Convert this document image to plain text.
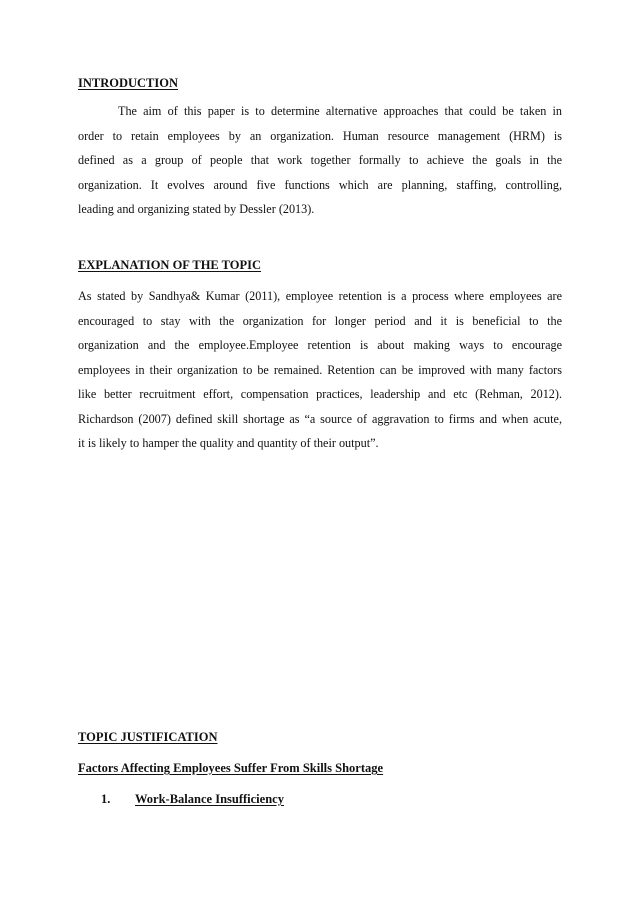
INTRODUCTION
The aim of this paper is to determine alternative approaches that could be taken in
order to retain employees by an organization. Human resource management (HRM) is
defined as a group of people that work together formally to achieve the goals in the
organization. It evolves around five functions which are planning, staffing, controlling,
leading and organizing stated by Dessler (2013).
EXPLANATION OF THE TOPIC
As stated by Sandhya& Kumar (2011), employee retention is a process where employees are
encouraged to stay with the organization for longer period and it is beneficial to the
organization and the employee.Employee retention is about making ways to encourage
employees in their organization to be remained. Retention can be improved with many factors
like better recruitment effort, compensation practices, leadership and etc (Rehman, 2012).
Richardson (2007) defined skill shortage as “a source of aggravation to firms and when acute,
it is likely to hamper the quality and quantity of their output”.
TOPIC JUSTIFICATION
Factors Affecting Employees Suffer From Skills Shortage
1. Work-Balance Insufficiency
